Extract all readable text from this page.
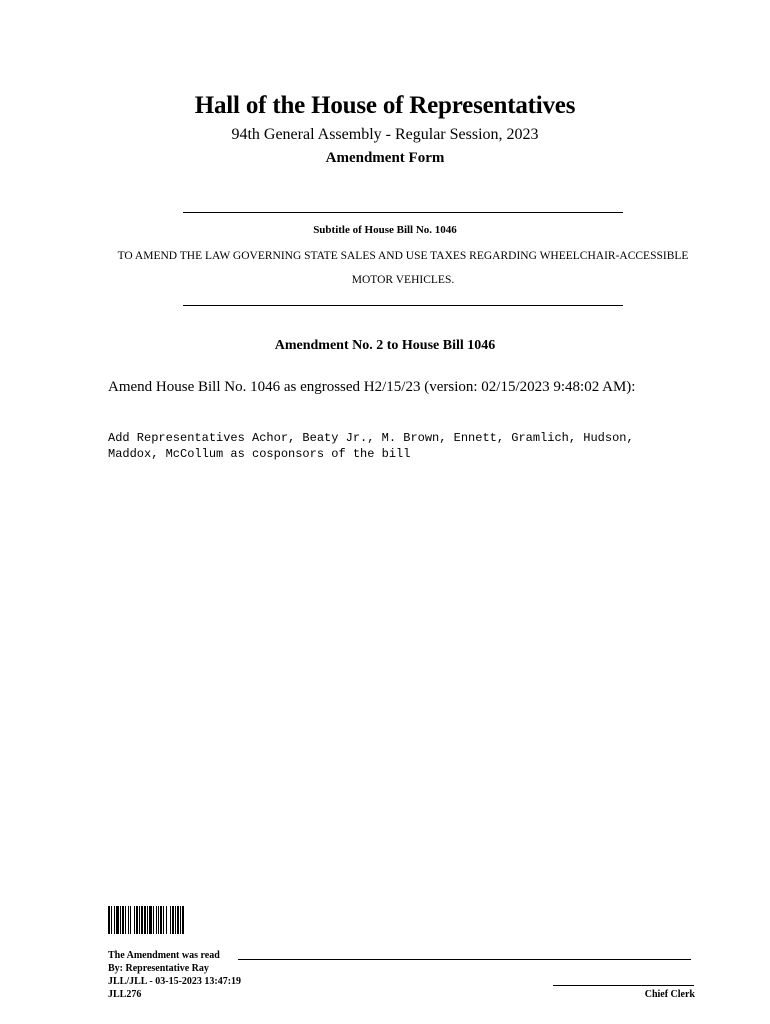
Hall of the House of Representatives
94th General Assembly - Regular Session, 2023
Amendment Form
Subtitle of House Bill No. 1046
TO AMEND THE LAW GOVERNING STATE SALES AND USE TAXES REGARDING WHEELCHAIR-ACCESSIBLE MOTOR VEHICLES.
Amendment No. 2 to House Bill 1046
Amend House Bill No. 1046 as engrossed H2/15/23 (version: 02/15/2023 9:48:02 AM):
Add Representatives Achor, Beaty Jr., M. Brown, Ennett, Gramlich, Hudson,
Maddox, McCollum as cosponsors of the bill
The Amendment was read
By: Representative Ray
JLL/JLL - 03-15-2023 13:47:19
JLL276	Chief Clerk
